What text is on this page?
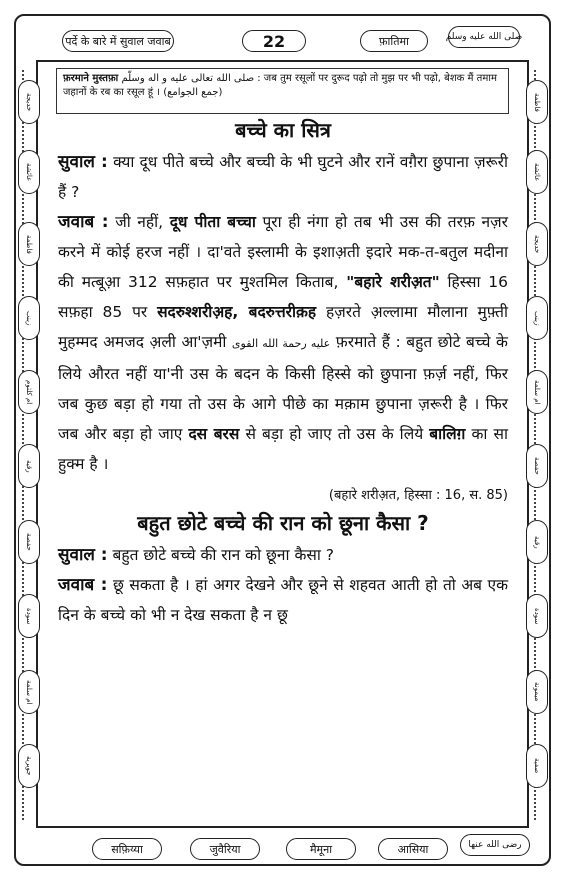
पर्दे के बारे में सुवाल जवाब	22	फ़ातिमा	صلى الله عليه وسلم
सफ़िय्या	जुवैरिया	मैमूना	आसिया	رضی الله عنها
خديجة
عائشة
فاطمة
زينب
ام كلثوم
رقية
حفصة
سودة
ام سلمة
جويرية
فاطمة
عائشة
خديجة
زينب
ام سلمة
حفصة
رقية
سودة
ميمونة
صفية
फ़रमाने मुस्तफ़ा صلى الله تعالى عليه و اله وسلّم : जब तुम रसूलों पर दुरूद पढ़ो तो मुझ पर भी पढ़ो, बेशक मैं तमाम जहानों के रब का रसूल हूं । (جمع الجوامع)
बच्चे का सित्र

सुवाल : क्या दूध पीते बच्चे और बच्ची के भी घुटने और रानें वग़ैरा छुपाना ज़रूरी हैं ?

जवाब : जी नहीं, दूध पीता बच्चा पूरा ही नंगा हो तब भी उस की तरफ़ नज़र करने में कोई हरज नहीं । दा'वते इस्लामी के इशाअ़ती इदारे मक-त-बतुल मदीना की मत्बूआ़ 312 सफ़हात पर मुश्तमिल किताब, "बहारे शरीअ़त" हिस्सा 16 सफ़हा 85 पर सदरुश्शरीअ़ह, बदरुत्तरीक़ह हज़रते अ़ल्लामा मौलाना मुफ़्ती मुहम्मद अमजद अ़ली आ'ज़मी عليه رحمة الله القوى फ़रमाते हैं : बहुत छोटे बच्चे के लिये औरत नहीं या'नी उस के बदन के किसी हिस्से को छुपाना फ़र्ज़ नहीं, फिर जब कुछ बड़ा हो गया तो उस के आगे पीछे का मक़ाम छुपाना ज़रूरी है । फिर जब और बड़ा हो जाए दस बरस से बड़ा हो जाए तो उस के लिये बालिग़ का सा हुक्म है ।

(बहारे शरीअ़त, हिस्सा : 16, स. 85)
बहुत छोटे बच्चे की रान को छूना कैसा ?

सुवाल : बहुत छोटे बच्चे की रान को छूना कैसा ?

जवाब : छू सकता है । हां अगर देखने और छूने से शहवत आती हो तो अब एक दिन के बच्चे को भी न देख सकता है न छू
